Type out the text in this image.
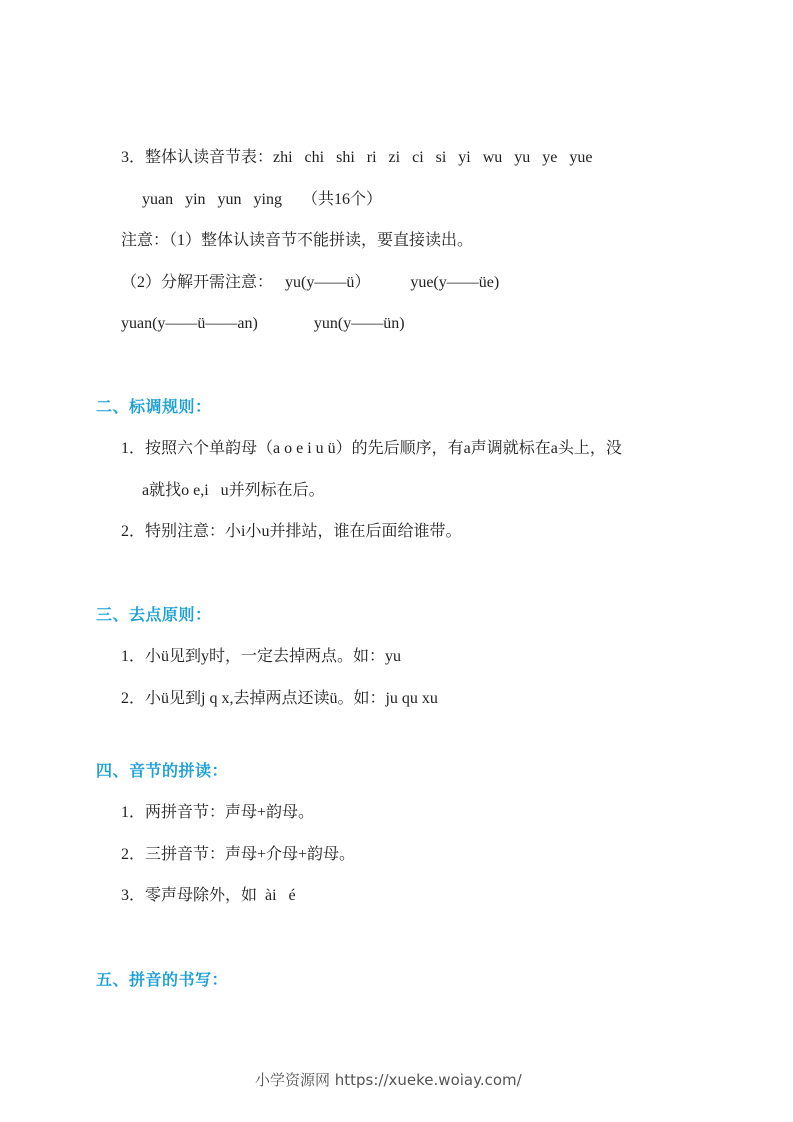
3．整体认读音节表：zhi   chi   shi   ri   zi   ci   si   yi   wu   yu   ye   yue
yuan   yin   yun   ying     （共16个）
注意：（1）整体认读音节不能拼读，要直接读出。
（2）分解开需注意：   yu(y——ü）          yue(y——üe)
yuan(y——ü——an)              yun(y——ün)
二、标调规则：
1．按照六个单韵母（a o e i u ü）的先后顺序，有a声调就标在a头上，没
a就找o e,i   u并列标在后。
2．特别注意：小i小u并排站，谁在后面给谁带。
三、去点原则：
1．小ü见到y时，一定去掉两点。如：yu
2．小ü见到j q x,去掉两点还读ü。如：ju qu xu
四、音节的拼读：
1．两拼音节：声母+韵母。
2．三拼音节：声母+介母+韵母。
3．零声母除外，如  ài   é
五、拼音的书写：
小学资源网 https://xueke.woiay.com/
